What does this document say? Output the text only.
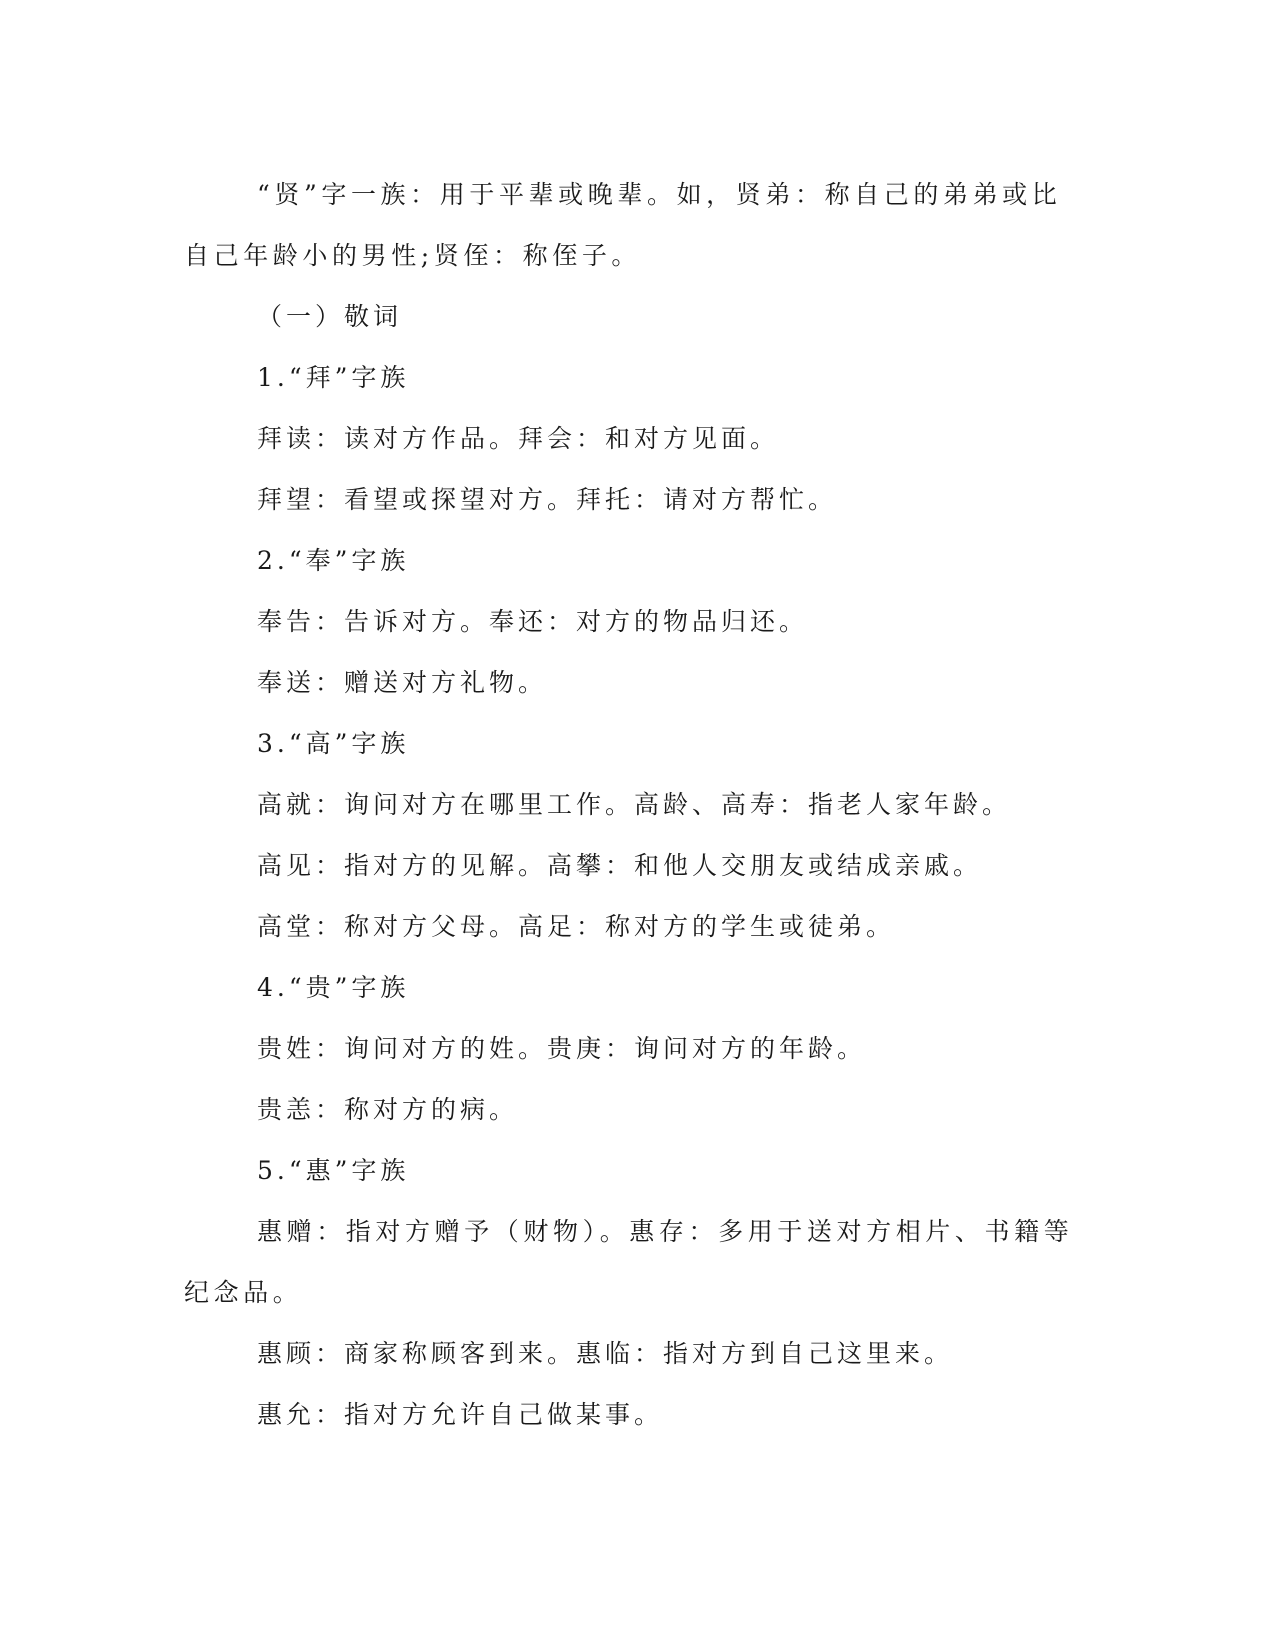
“贤”字一族：用于平辈或晚辈。如，贤弟：称自己的弟弟或比自己年龄小的男性;贤侄：称侄子。

（一）敬词

1.“拜”字族

拜读：读对方作品。拜会：和对方见面。

拜望：看望或探望对方。拜托：请对方帮忙。

2.“奉”字族

奉告：告诉对方。奉还：对方的物品归还。

奉送：赠送对方礼物。

3.“高”字族

高就：询问对方在哪里工作。高龄、高寿：指老人家年龄。

高见：指对方的见解。高攀：和他人交朋友或结成亲戚。

高堂：称对方父母。高足：称对方的学生或徒弟。

4.“贵”字族

贵姓：询问对方的姓。贵庚：询问对方的年龄。

贵恙：称对方的病。

5.“惠”字族

惠赠：指对方赠予（财物）。惠存：多用于送对方相片、书籍等纪念品。

惠顾：商家称顾客到来。惠临：指对方到自己这里来。

惠允：指对方允许自己做某事。
